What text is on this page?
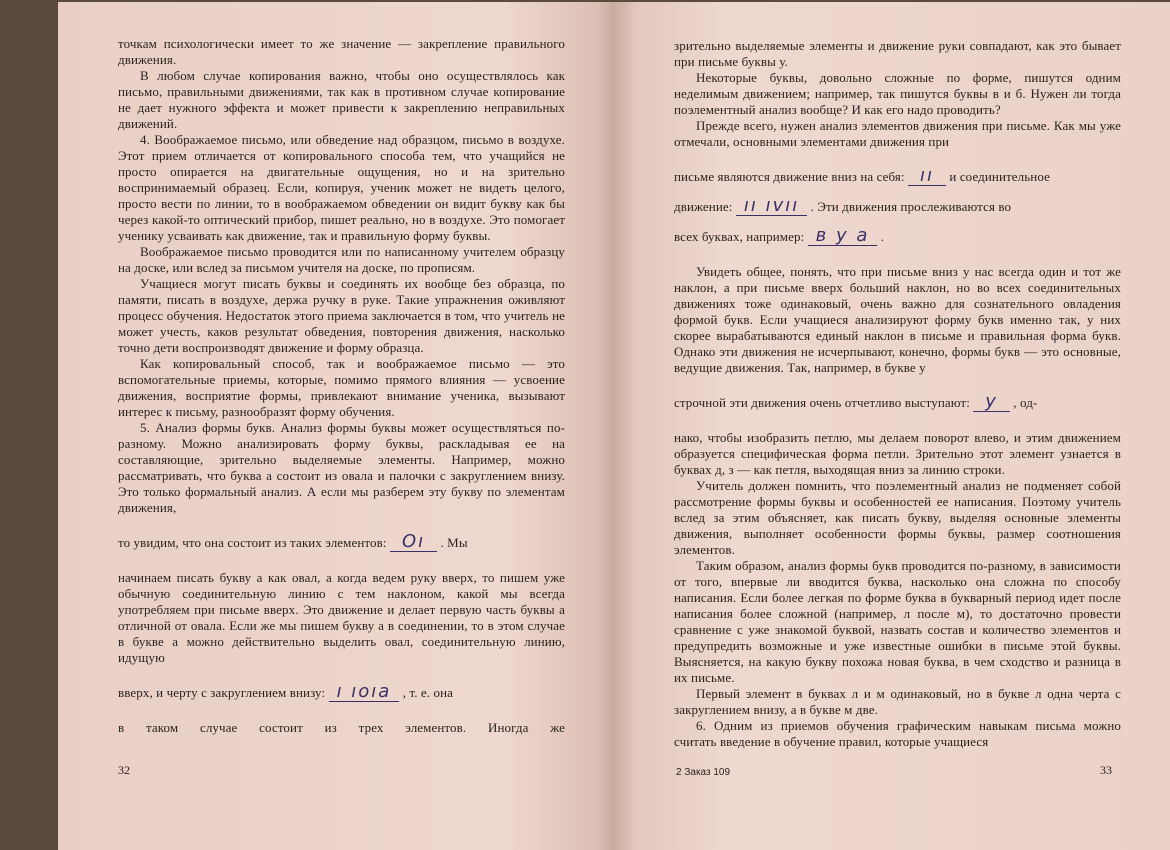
точкам психологически имеет то же значение — закрепление правильного движения.

В любом случае копирования важно, чтобы оно осуществлялось как письмо, правильными движениями, так как в противном случае копирование не дает нужного эффекта и может привести к закреплению неправильных движений.

4. Воображаемое письмо, или обведение над образцом, письмо в воздухе. Этот прием отличается от копировального способа тем, что учащийся не просто опирается на двигательные ощущения, но и на зрительно воспринимаемый образец. Если, копируя, ученик может не видеть целого, просто вести по линии, то в воображаемом обведении он видит букву как бы через какой-то оптический прибор, пишет реально, но в воздухе. Это помогает ученику усваивать как движение, так и правильную форму буквы.

Воображаемое письмо проводится или по написанному учителем образцу на доске, или вслед за письмом учителя на доске, по прописям.

Учащиеся могут писать буквы и соединять их вообще без образца, по памяти, писать в воздухе, держа ручку в руке. Такие упражнения оживляют процесс обучения. Недостаток этого приема заключается в том, что учитель не может учесть, каков результат обведения, повторения движения, насколько точно дети воспроизводят движение и форму образца.

Как копировальный способ, так и воображаемое письмо — это вспомогательные приемы, которые, помимо прямого влияния — усвоение движения, восприятие формы, привлекают внимание ученика, вызывают интерес к письму, разнообразят форму обучения.

5. Анализ формы букв. Анализ формы буквы может осуществляться по-разному. Можно анализировать форму буквы, раскладывая ее на составляющие, зрительно выделяемые элементы. Например, можно рассматривать, что буква а состоит из овала и палочки с закруглением внизу. Это только формальный анализ. А если мы разберем эту букву по элементам движения,

то увидим, что она состоит из таких элементов: Оı . Мы

начинаем писать букву а как овал, а когда ведем руку вверх, то пишем уже обычную соединительную линию с тем наклоном, какой мы всегда употребляем при письме вверх. Это движение и делает первую часть буквы а отличной от овала. Если же мы пишем букву а в соединении, то в этом случае в букве а можно действительно выделить овал, соединительную линию, идущую

вверх, и черту с закруглением внизу: ı ıоıа , т. е. она

в таком случае состоит из трех элементов. Иногда же

32

зрительно выделяемые элементы и движение руки совпадают, как это бывает при письме буквы у.

Некоторые буквы, довольно сложные по форме, пишутся одним неделимым движением; например, так пишутся буквы в и б. Нужен ли тогда поэлементный анализ вообще? И как его надо проводить?

Прежде всего, нужен анализ элементов движения при письме. Как мы уже отмечали, основными элементами движения при

письме являются движение вниз на себя: ıı и соединительное

движение: ıı ıvıı . Эти движения прослеживаются во

всех буквах, например: в у а .

Увидеть общее, понять, что при письме вниз у нас всегда один и тот же наклон, а при письме вверх больший наклон, но во всех соединительных движениях тоже одинаковый, очень важно для сознательного овладения формой букв. Если учащиеся анализируют форму букв именно так, у них скорее вырабатываются единый наклон в письме и правильная форма букв. Однако эти движения не исчерпывают, конечно, формы букв — это основные, ведущие движения. Так, например, в букве у

строчной эти движения очень отчетливо выступают: у , од-

нако, чтобы изобразить петлю, мы делаем поворот влево, и этим движением образуется специфическая форма петли. Зрительно этот элемент узнается в буквах д, з — как петля, выходящая вниз за линию строки.

Учитель должен помнить, что поэлементный анализ не подменяет собой рассмотрение формы буквы и особенностей ее написания. Поэтому учитель вслед за этим объясняет, как писать букву, выделяя основные элементы движения, выполняет особенности формы буквы, размер соотношения элементов.

Таким образом, анализ формы букв проводится по-разному, в зависимости от того, впервые ли вводится буква, насколько она сложна по способу написания. Если более легкая по форме буква в букварный период идет после написания более сложной (например, л после м), то достаточно провести сравнение с уже знакомой буквой, назвать состав и количество элементов и предупредить возможные и уже известные ошибки в письме этой буквы. Выясняется, на какую букву похожа новая буква, в чем сходство и разница в их письме.

Первый элемент в буквах л и м одинаковый, но в букве л одна черта с закруглением внизу, а в букве м две.

6. Одним из приемов обучения графическим навыкам письма можно считать введение в обучение правил, которые учащиеся

2 Заказ 109	33
